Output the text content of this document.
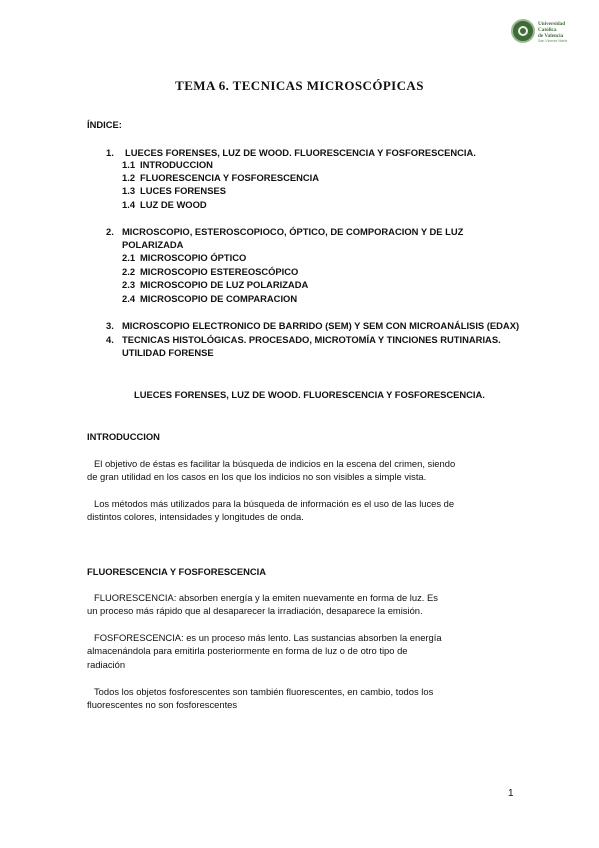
Universidad
Católica
de Valencia
San Vicente Mártir
TEMA 6. TECNICAS MICROSCÓPICAS
ÍNDICE:
1. LUECES FORENSES, LUZ DE WOOD. FLUORESCENCIA Y FOSFORESCENCIA.
1.1 INTRODUCCION
1.2 FLUORESCENCIA Y FOSFORESCENCIA
1.3 LUCES FORENSES
1.4 LUZ DE WOOD
2. MICROSCOPIO, ESTEROSCOPIOCO, ÓPTICO, DE COMPORACION Y DE LUZ
POLARIZADA
2.1 MICROSCOPIO ÓPTICO
2.2 MICROSCOPIO ESTEREOSCÓPICO
2.3 MICROSCOPIO DE LUZ POLARIZADA
2.4 MICROSCOPIO DE COMPARACION
3. MICROSCOPIO ELECTRONICO DE BARRIDO (SEM) Y SEM CON MICROANÁLISIS (EDAX)
4. TECNICAS HISTOLÓGICAS. PROCESADO, MICROTOMÍA Y TINCIONES RUTINARIAS.
UTILIDAD FORENSE
LUECES FORENSES, LUZ DE WOOD. FLUORESCENCIA Y FOSFORESCENCIA.
INTRODUCCION
El objetivo de éstas es facilitar la búsqueda de indicios en la escena del crimen, siendo
de gran utilidad en los casos en los que los indicios no son visibles a simple vista.
Los métodos más utilizados para la búsqueda de información es el uso de las luces de
distintos colores, intensidades y longitudes de onda.
FLUORESCENCIA Y FOSFORESCENCIA
FLUORESCENCIA: absorben energía y la emiten nuevamente en forma de luz. Es
un proceso más rápido que al desaparecer la irradiación, desaparece la emisión.
FOSFORESCENCIA: es un proceso más lento. Las sustancias absorben la energía
almacenándola para emitirla posteriormente en forma de luz o de otro tipo de
radiación
Todos los objetos fosforescentes son también fluorescentes, en cambio, todos los
fluorescentes no son fosforescentes
1
